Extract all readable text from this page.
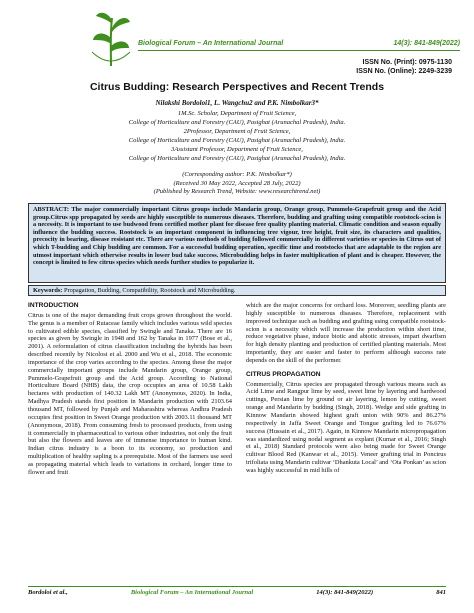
Biological Forum – An International Journal	14(3): 841-849(2022)
ISSN No. (Print): 0975-1130
ISSN No. (Online): 2249-3239
Citrus Budding: Research Perspectives and Recent Trends
Nilakshi Bordoloi1, L. Wangchu2 and P.K. Nimbolkar3*
1M.Sc. Scholar, Department of Fruit Science,
College of Horticulture and Forestry (CAU), Pasighat (Arunachal Pradesh), India.
2Professor, Department of Fruit Science,
College of Horticulture and Forestry (CAU), Pasighat (Arunachal Pradesh), India.
3Assistant Professor, Department of Fruit Science,
College of Horticulture and Forestry (CAU), Pasighat (Arunachal Pradesh), India.
(Corresponding author: P.K. Nimbolkar*)
(Received 30 May 2022, Accepted 28 July, 2022)
(Published by Research Trend, Website: www.researchtrend.net)
ABSTRACT: The major commercially important Citrus groups include Mandarin group, Orange group, Pummelo-Grapefruit group and the Acid group.Citrus spp propagated by seeds are highly susceptible to numerous diseases. Therefore, budding and grafting using compatible rootstock-scion is a necessity. It is important to use budwood from certified mother plant for disease free quality planting material. Climatic condition and season equally influence the budding success. Rootstock is an important component in influencing tree vigour, tree height, fruit size, its characters and qualities, precocity in bearing, disease resistant etc. There are various methods of budding followed commercially in different varieties or species in Citrus out of which T-budding and Chip budding are common. For a successful budding operation, specific time and rootstocks that are adaptable to the region are utmost important which otherwise results in lower bud take success. Microbudding helps in faster multiplication of plant and is cheaper. However, the concept is limited to few citrus species which needs further studies to popularize it.
Keywords: Propagation, Budding, Compatibility, Rootstock and Microbudding.
INTRODUCTION

Citrus is one of the major demanding fruit crops grown throughout the world. The genus is a member of Rutaceae family which includes various wild species to cultivated edible species, classified by Swingle and Tanaka. There are 16 species as given by Swingle in 1948 and 162 by Tanaka in 1977 (Bose et al., 2001). A reformulation of citrus classification including the hybrids has been described recently by Nicolosi et al. 2000 and Wu et al., 2018. The economic importance of the crop varies according to the species. Among these the major commercially important groups include Mandarin group, Orange group, Pummelo-Grapefruit group and the Acid group. According to National Horticulture Board (NHB) data, the crop occupies an area of 10.58 Lakh hectares with production of 140.32 Lakh MT (Anonymous, 2020). In India, Madhya Pradesh stands first position in Mandarin production with 2103.64 thousand MT, followed by Punjab and Maharashtra whereas Andhra Pradesh occupies first position in Sweet Orange production with 2003.11 thousand MT (Anonymous, 2018). From consuming fresh to processed products, from using it commercially in pharmaceutical to various other industries, not only the fruit but also the flowers and leaves are of immense importance to human kind. Indian citrus industry is a boon to its economy, so production and multiplication of healthy sapling is a prerequisite. Most of the farmers use seed as propagating material which leads to variations in orchard, longer time to flower and fruit

which are the major concerns for orchard loss. Moreover, seedling plants are highly susceptible to numerous diseases. Therefore, replacement with improved technique such as budding and grafting using compatible rootstock-scion is a necessity which will increase the production within short time, reduce vegetative phase, induce biotic and abiotic stresses, impart dwarfism for high density planting and production of certified planting materials. Most importantly, they are easier and faster to perform although success rate depends on the skill of the performer.

CITRUS PROPAGATION

Commercially, Citrus species are propagated through various means such as Acid Lime and Rangpur lime by seed, sweet lime by layering and hardwood cuttings, Persian lime by ground or air layering, lemon by cutting, sweet orange and Mandarin by budding (Singh, 2018). Wedge and side grafting in Kinnow Mandarin showed highest graft union with 90% and 86.27% respectively in Jaffa Sweet Orange and Tongue grafting led to 76.67% success (Hussain et al., 2017). Again, in Kinnow Mandarin micropropagation was standardized using nodal segment as explant (Kumar et al., 2016; Singh et al., 2018) Standard protocols were also being made for Sweet Orange cultivar Blood Red (Kanwar et al., 2015). Veneer grafting trial in Poncirus trifoliata using Mandarin cultivar ‘Dhankuta Local’ and ‘Ota Ponkan’ as scion was highly successful in mid hills of

Bordoloi et al.,	Biological Forum – An International Journal	14(3): 841-849(2022)	841
